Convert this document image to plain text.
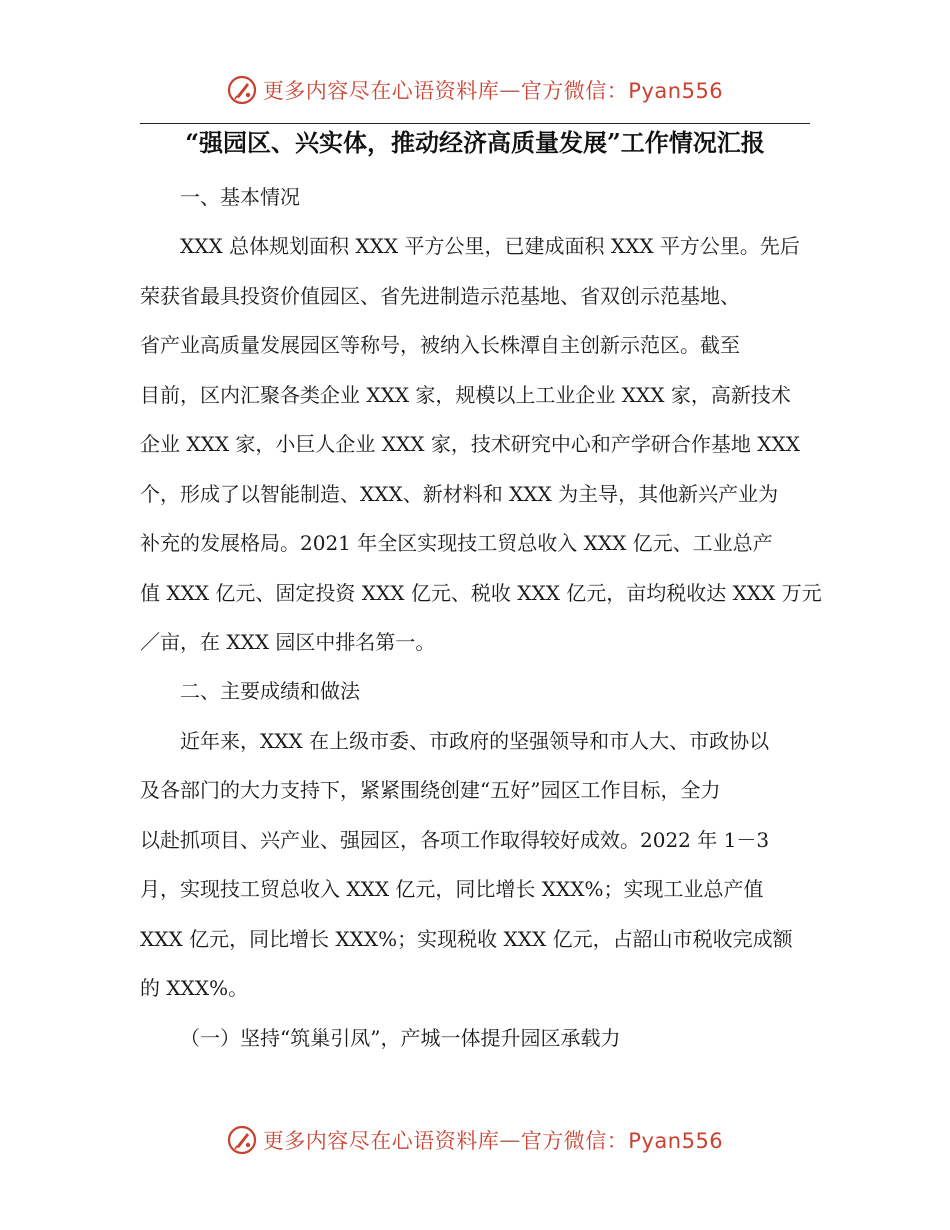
更多内容尽在心语资料库 — 官方微信：Pyan556
“强园区、兴实体，推动经济高质量发展”工作情况汇报
一、基本情况
XXX 总体规划面积 XXX 平方公里，已建成面积 XXX 平方公里。先后
荣获省最具投资价值园区、省先进制造示范基地、省双创示范基地、
省产业高质量发展园区等称号，被纳入长株潭自主创新示范区。截至
目前，区内汇聚各类企业 XXX 家，规模以上工业企业 XXX 家，高新技术
企业 XXX 家，小巨人企业 XXX 家，技术研究中心和产学研合作基地 XXX
个，形成了以智能制造、XXX、新材料和 XXX 为主导，其他新兴产业为
补充的发展格局。2021 年全区实现技工贸总收入 XXX 亿元、工业总产
值 XXX 亿元、固定投资 XXX 亿元、税收 XXX 亿元，亩均税收达 XXX 万元
／亩，在 XXX 园区中排名第一。
二、主要成绩和做法
近年来，XXX 在上级市委、市政府的坚强领导和市人大、市政协以
及各部门的大力支持下，紧紧围绕创建“五好”园区工作目标，全力
以赴抓项目、兴产业、强园区，各项工作取得较好成效。2022 年 1－3
月，实现技工贸总收入 XXX 亿元，同比增长 XXX%；实现工业总产值
XXX 亿元，同比增长 XXX%；实现税收 XXX 亿元，占韶山市税收完成额
的 XXX%。
（一）坚持“筑巢引凤”，产城一体提升园区承载力
更多内容尽在心语资料库 — 官方微信：Pyan556
